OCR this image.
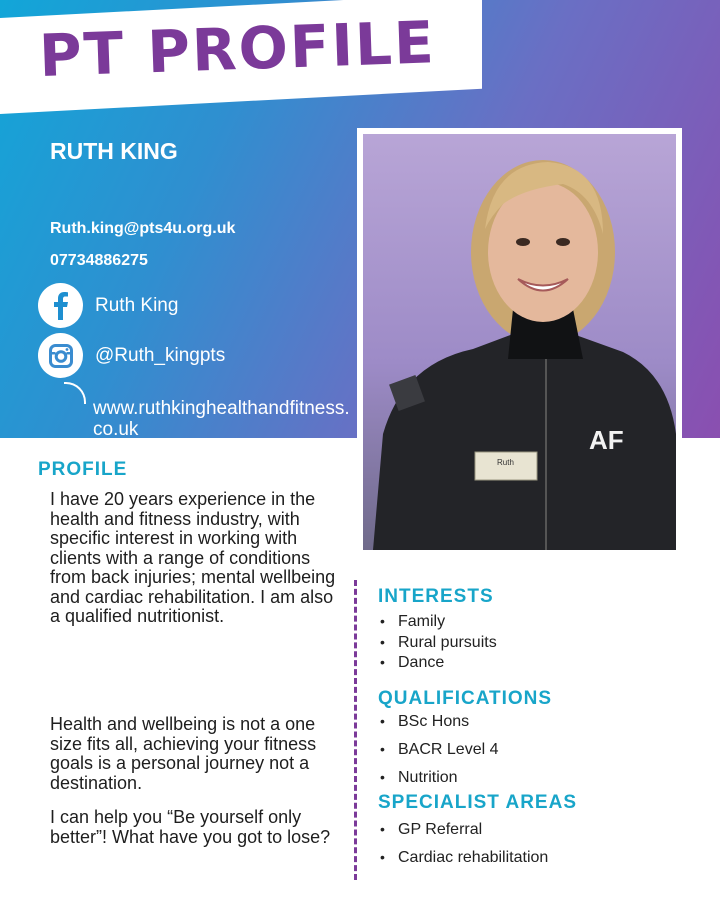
PT PROFILE
RUTH KING
Ruth.king@pts4u.org.uk
07734886275
Ruth King
@Ruth_kingpts
www.ruthkinghealthandfitness.co.uk	AF
Ruth
PROFILE

I have 20 years experience in the health and fitness industry, with specific interest in working with clients with a range of conditions from back injuries; mental wellbeing and cardiac rehabilitation. I am also a qualified nutritionist.

Health and wellbeing is not a one size fits all, achieving your fitness goals is a personal journey not a destination.

I can help you “Be yourself only better”! What have you got to lose?

INTERESTS
• Family
• Rural pursuits
• Dance
QUALIFICATIONS
• BSc Hons
• BACR Level 4
• Nutrition
SPECIALIST AREAS
• GP Referral
• Cardiac rehabilitation
